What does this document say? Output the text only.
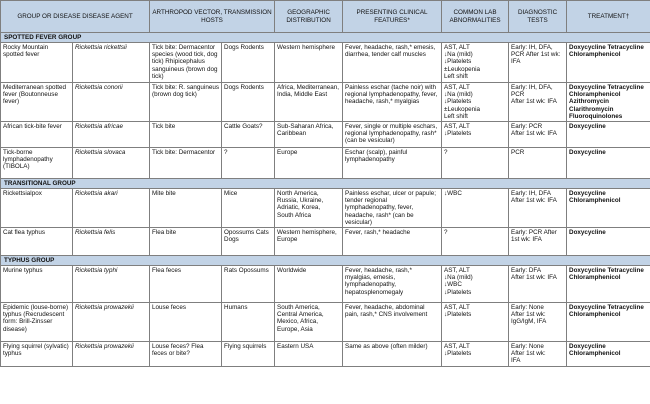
GROUP OR DISEASE DISEASE AGENT		ARTHROPOD VECTOR, TRANSMISSION HOSTS		GEOGRAPHIC DISTRIBUTION	PRESENTING CLINICAL FEATURES*	COMMON LAB ABNORMALITIES	DIAGNOSTIC TESTS	TREATMENT†
SPOTTED FEVER GROUP								
Rocky Mountain spotted fever	Rickettsia rickettsii	Tick bite: Dermacentor species (wood tick, dog tick) Rhipicephalus sanguineus (brown dog tick)	Dogs Rodents	Western hemisphere	Fever, headache, rash,* emesis, diarrhea, tender calf muscles	AST, ALT
↓Na (mild)
↓Platelets
±Leukopenia
Left shift	Early: IH, DFA, PCR After 1st wk: IFA	Doxycycline Tetracycline Chloramphenicol
Mediterranean spotted fever (Boutonneuse fever)	Rickettsia conorii	Tick bite: R. sanguineus (brown dog tick)	Dogs Rodents	Africa, Mediterranean, India, Middle East	Painless eschar (tache noir) with regional lymphadenopathy, fever, headache, rash,* myalgias	AST, ALT
↓Na (mild)
↓Platelets
±Leukopenia
Left shift	Early: IH, DFA, PCR
After 1st wk: IFA	Doxycycline Tetracycline Chloramphenicol Azithromycin Clarithromycin Fluoroquinolones
African tick-bite fever	Rickettsia africae	Tick bite	Cattle Goats?	Sub-Saharan Africa, Caribbean	Fever, single or multiple eschars, regional lymphadenopathy, rash* (can be vesicular)	AST, ALT
↓Platelets	Early: PCR
After 1st wk: IFA	Doxycycline
Tick-borne lymphadenopathy (TIBOLA)	Rickettsia slovaca	Tick bite: Dermacentor	?	Europe	Eschar (scalp), painful lymphadenopathy	?	PCR	Doxycycline
TRANSITIONAL GROUP								
Rickettsialpox	Rickettsia akari	Mite bite	Mice	North America,
Russia, Ukraine,
Adriatic, Korea,
South Africa	Painless eschar, ulcer or papule; tender regional lymphadenopathy, fever, headache, rash* (can be vesicular)	↓WBC	Early: IH, DFA
After 1st wk: IFA	Doxycycline Chloramphenicol
Cat flea typhus	Rickettsia felis	Flea bite	Opossums Cats Dogs	Western hemisphere, Europe	Fever, rash,* headache	?	Early: PCR After 1st wk: IFA	Doxycycline
TYPHUS GROUP								
Murine typhus	Rickettsia typhi	Flea feces	Rats Opossums	Worldwide	Fever, headache, rash,* myalgias, emesis, lymphadenopathy, hepatosplenomegaly	AST, ALT
↓Na (mild)
↓WBC
↓Platelets	Early: DFA
After 1st wk: IFA	Doxycycline Tetracycline Chloramphenicol
Epidemic (louse-borne) typhus (Recrudescent form: Brill-Zinsser disease)	Rickettsia prowazekii	Louse feces	Humans	South America,
Central America,
Mexico, Africa,
Europe, Asia	Fever, headache, abdominal pain, rash,* CNS involvement	AST, ALT
↓Platelets	Early: None
After 1st wk:
IgG/IgM, IFA	Doxycycline Tetracycline Chloramphenicol
Flying squirrel (sylvatic) typhus	Rickettsia prowazekii	Louse feces? Flea feces or bite?	Flying squirrels	Eastern USA	Same as above (often milder)	AST, ALT
↓Platelets	Early: None
After 1st wk:
IFA	Doxycycline Chloramphenicol
